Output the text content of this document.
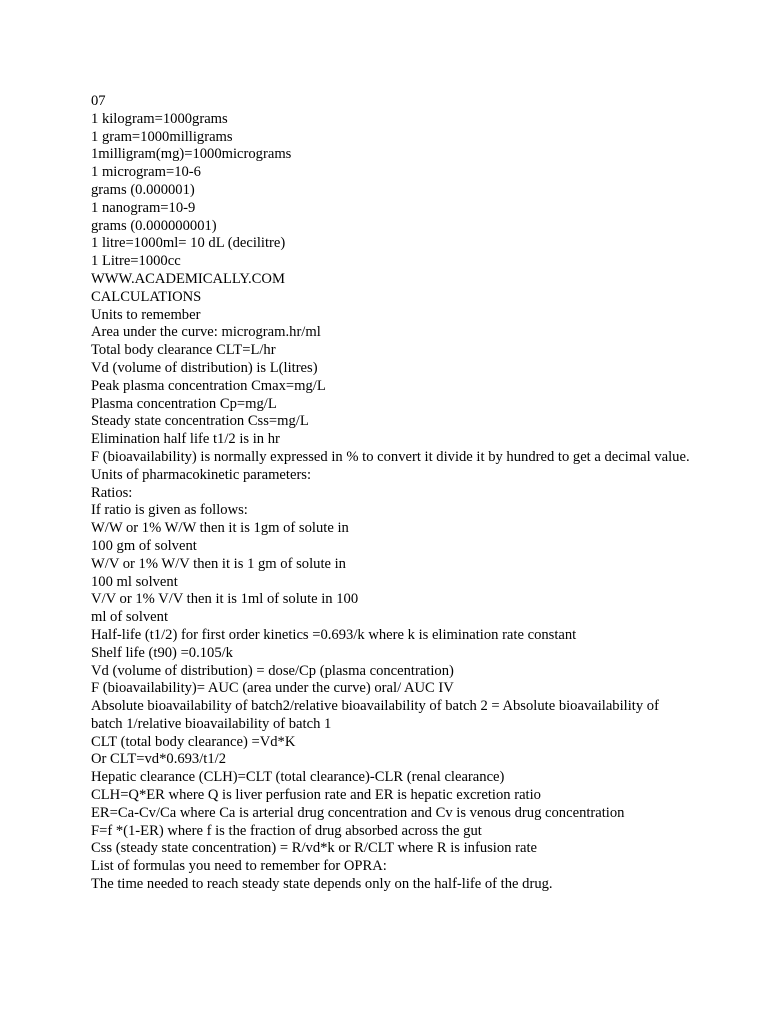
07

1 kilogram=1000grams

1 gram=1000milligrams

1milligram(mg)=1000micrograms

1 microgram=10-6

grams (0.000001)

1 nanogram=10-9

grams (0.000000001)

1 litre=1000ml= 10 dL (decilitre)

1 Litre=1000cc

WWW.ACADEMICALLY.COM

CALCULATIONS

Units to remember

Area under the curve: microgram.hr/ml

Total body clearance CLT=L/hr

Vd (volume of distribution) is L(litres)

Peak plasma concentration Cmax=mg/L

Plasma concentration Cp=mg/L

Steady state concentration Css=mg/L

Elimination half life t1/2 is in hr

F (bioavailability) is normally expressed in % to convert it divide it by hundred to get a decimal value.

Units of pharmacokinetic parameters:

Ratios:

If ratio is given as follows:

W/W or 1% W/W then it is 1gm of solute in

100 gm of solvent

W/V or 1% W/V then it is 1 gm of solute in

100 ml solvent

V/V or 1% V/V then it is 1ml of solute in 100

ml of solvent

Half-life (t1/2) for first order kinetics =0.693/k where k is elimination rate constant

Shelf life (t90) =0.105/k

Vd (volume of distribution) = dose/Cp (plasma concentration)

F (bioavailability)= AUC (area under the curve) oral/ AUC IV

Absolute bioavailability of batch2/relative bioavailability of batch 2 = Absolute bioavailability of batch 1/relative bioavailability of batch 1

CLT (total body clearance) =Vd*K

Or CLT=vd*0.693/t1/2

Hepatic clearance (CLH)=CLT (total clearance)-CLR (renal clearance)

CLH=Q*ER where Q is liver perfusion rate and ER is hepatic excretion ratio

ER=Ca-Cv/Ca where Ca is arterial drug concentration and Cv is venous drug concentration

F=f *(1-ER) where f is the fraction of drug absorbed across the gut

Css (steady state concentration) = R/vd*k or R/CLT where R is infusion rate

List of formulas you need to remember for OPRA:

The time needed to reach steady state depends only on the half-life of the drug.
